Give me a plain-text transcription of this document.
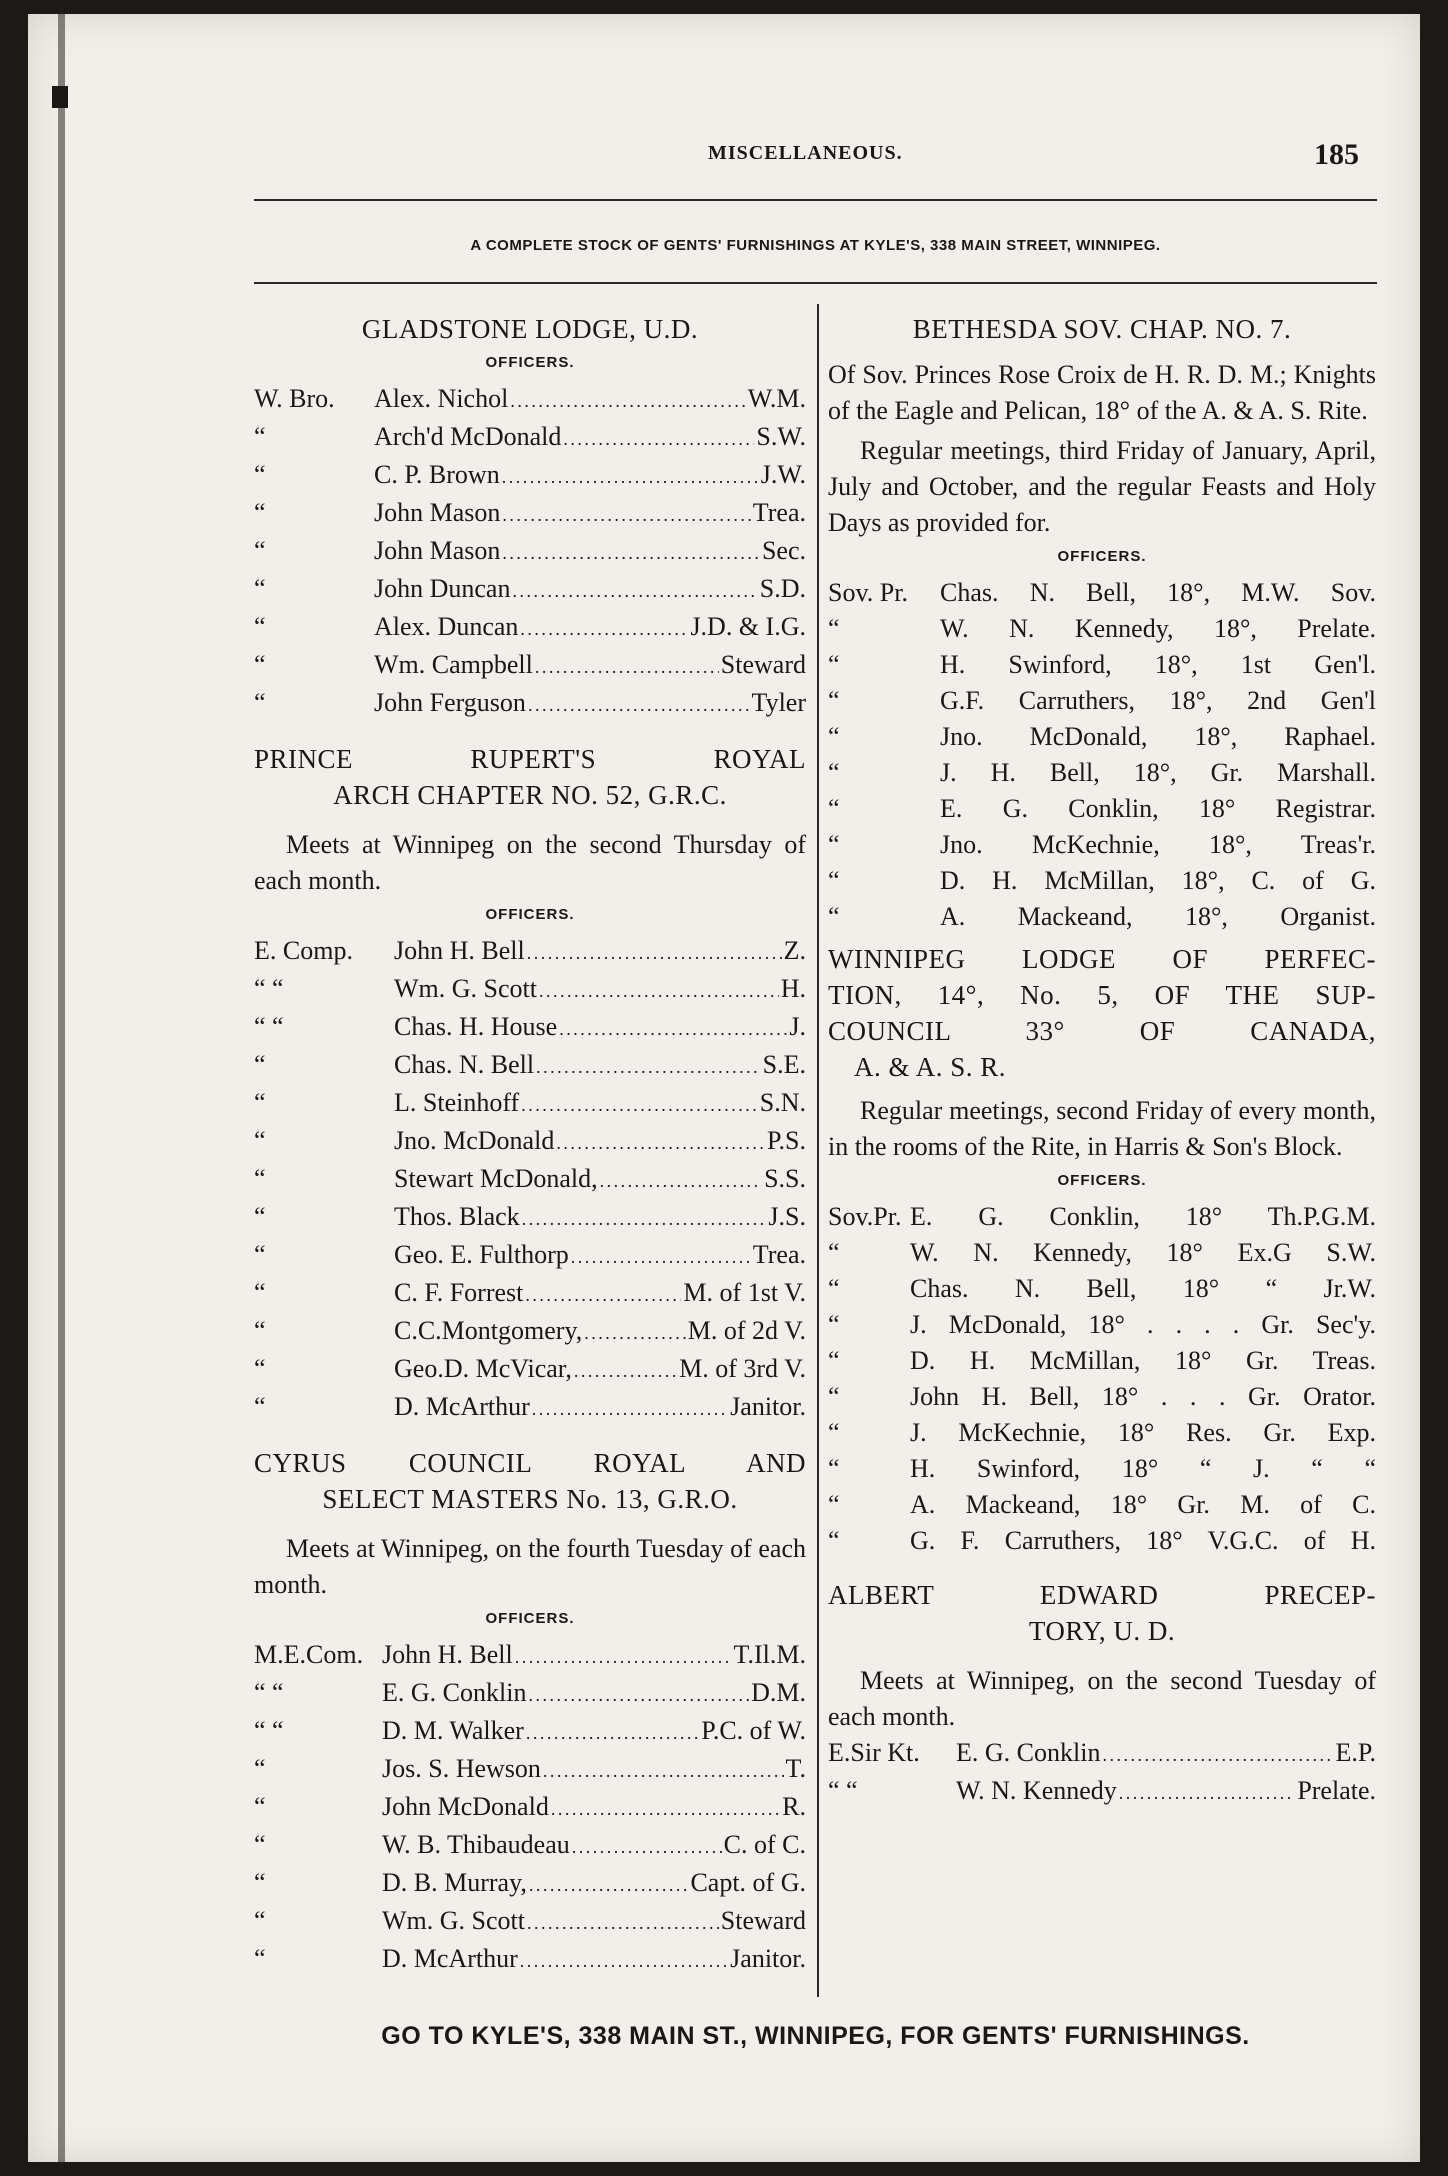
MISCELLANEOUS.	185
A COMPLETE STOCK OF GENTS' FURNISHINGS AT KYLE'S, 338 MAIN STREET, WINNIPEG.
GLADSTONE LODGE, U.D.
OFFICERS.
W. Bro.	Alex. Nichol . . .	W.M.
“	Arch'd McDonald . . .	S.W.
“	C. P. Brown . . .	J.W.
“	John Mason . . .	Trea.
“	John Mason . . .	Sec.
“	John Duncan . . .	S.D.
“	Alex. Duncan . . .	J.D. & I.G.
“	Wm. Campbell . . .	Steward
“	John Ferguson . . .	Tyler
PRINCE RUPERT'S ROYAL
ARCH CHAPTER NO. 52, G.R.C.
Meets at Winnipeg on the second Thursday of each month.
OFFICERS.
E. Comp.	John H. Bell . . .	Z.
“ “	Wm. G. Scott . . .	H.
“ “	Chas. H. House . . .	J.
“	Chas. N. Bell . . .	S.E.
“	L. Steinhoff . . .	S.N.
“	Jno. McDonald . . .	P.S.
“	Stewart McDonald, . . .	S.S.
“	Thos. Black . . .	J.S.
“	Geo. E. Fulthorp . . .	Trea.
“	C. F. Forrest . . .	M. of 1st V.
“	C.C.Montgomery, . . .	M. of 2d V.
“	Geo.D. McVicar, . . .	M. of 3rd V.
“	D. McArthur . . .	Janitor.
CYRUS COUNCIL ROYAL AND
SELECT MASTERS No. 13, G.R.O.
Meets at Winnipeg, on the fourth Tuesday of each month.
OFFICERS.
M.E.Com. John H. Bell . . .	T.Il.M.
“ “	E. G. Conklin . . .	D.M.
“ “	D. M. Walker . . .	P.C. of W.
“	Jos. S. Hewson . . .	T.
“	John McDonald . . .	R.
“	W. B. Thibaudeau . . .	C. of C.
“	D. B. Murray, . . .	Capt. of G.
“	Wm. G. Scott . . .	Steward
“	D. McArthur . . .	Janitor.
BETHESDA SOV. CHAP. NO. 7.
Of Sov. Princes Rose Croix de H. R. D. M.; Knights of the Eagle and Pelican, 18° of the A. & A. S. Rite.
Regular meetings, third Friday of January, April, July and October, and the regular Feasts and Holy Days as provided for.
OFFICERS.
Sov. Pr.	Chas. N. Bell, 18°, M.W. Sov.
“	W. N. Kennedy, 18°, Prelate.
“	H. Swinford, 18°, 1st Gen'l.
“	G.F. Carruthers, 18°, 2nd Gen'l
“	Jno. McDonald, 18°, Raphael.
“	J. H. Bell, 18°, Gr. Marshall.
“	E. G. Conklin, 18° Registrar.
“	Jno. McKechnie, 18°, Treas'r.
“	D. H. McMillan, 18°, C. of G.
“	A. Mackeand, 18°, Organist.
WINNIPEG LODGE OF PERFEC-
TION, 14°, No. 5, OF THE SUP-
COUNCIL 33° OF CANADA,
A. & A. S. R.
Regular meetings, second Friday of every month, in the rooms of the Rite, in Harris & Son's Block.
OFFICERS.
Sov.Pr. E. G. Conklin, 18° Th.P.G.M.
“	W. N. Kennedy, 18° Ex.G S.W.
“	Chas. N. Bell, 18° “ Jr.W.
“	J. McDonald, 18° . . . . Gr. Sec'y.
“	D. H. McMillan, 18° Gr. Treas.
“	John H. Bell, 18° . . . Gr. Orator.
“	J. McKechnie, 18° Res. Gr. Exp.
“	H. Swinford, 18° “ J. “ “
“	A. Mackeand, 18° Gr. M. of C.
“	G. F. Carruthers, 18° V.G.C. of H.
ALBERT EDWARD PRECEP-
TORY, U. D.
Meets at Winnipeg, on the second Tuesday of each month.
E.Sir Kt.	E. G. Conklin . . .	E.P.
“ “	W. N. Kennedy . . .	Prelate.
GO TO KYLE'S, 338 MAIN ST., WINNIPEG, FOR GENTS' FURNISHINGS.
